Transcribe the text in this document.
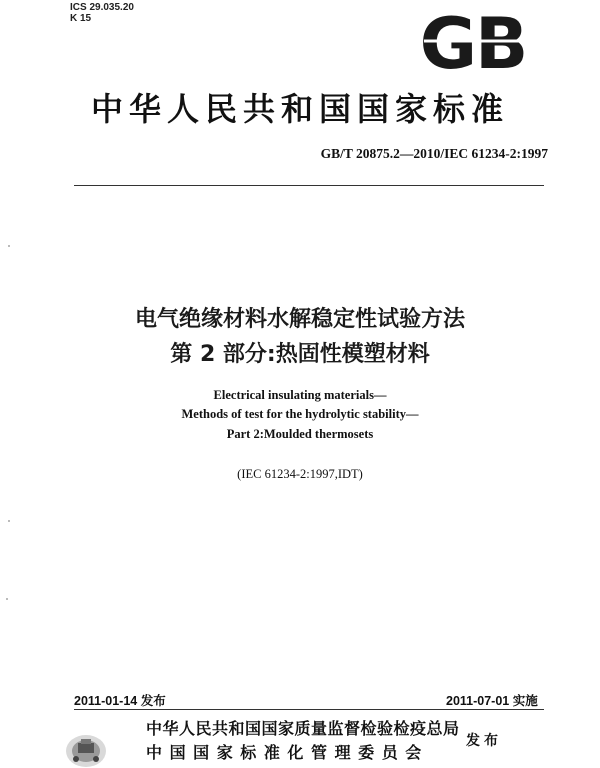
ICS 29.035.20
K 15	GB
中华人民共和国国家标准
GB/T 20875.2—2010/IEC 61234-2:1997
电气绝缘材料水解稳定性试验方法
第 2 部分:热固性模塑材料
Electrical insulating materials—
Methods of test for the hydrolytic stability—
Part 2:Moulded thermosets
(IEC 61234-2:1997,IDT)
2011-01-14 发布	2011-07-01 实施
中华人民共和国国家质量监督检验检疫总局
中 国 国 家 标 准 化 管 理 委 员 会
发布
